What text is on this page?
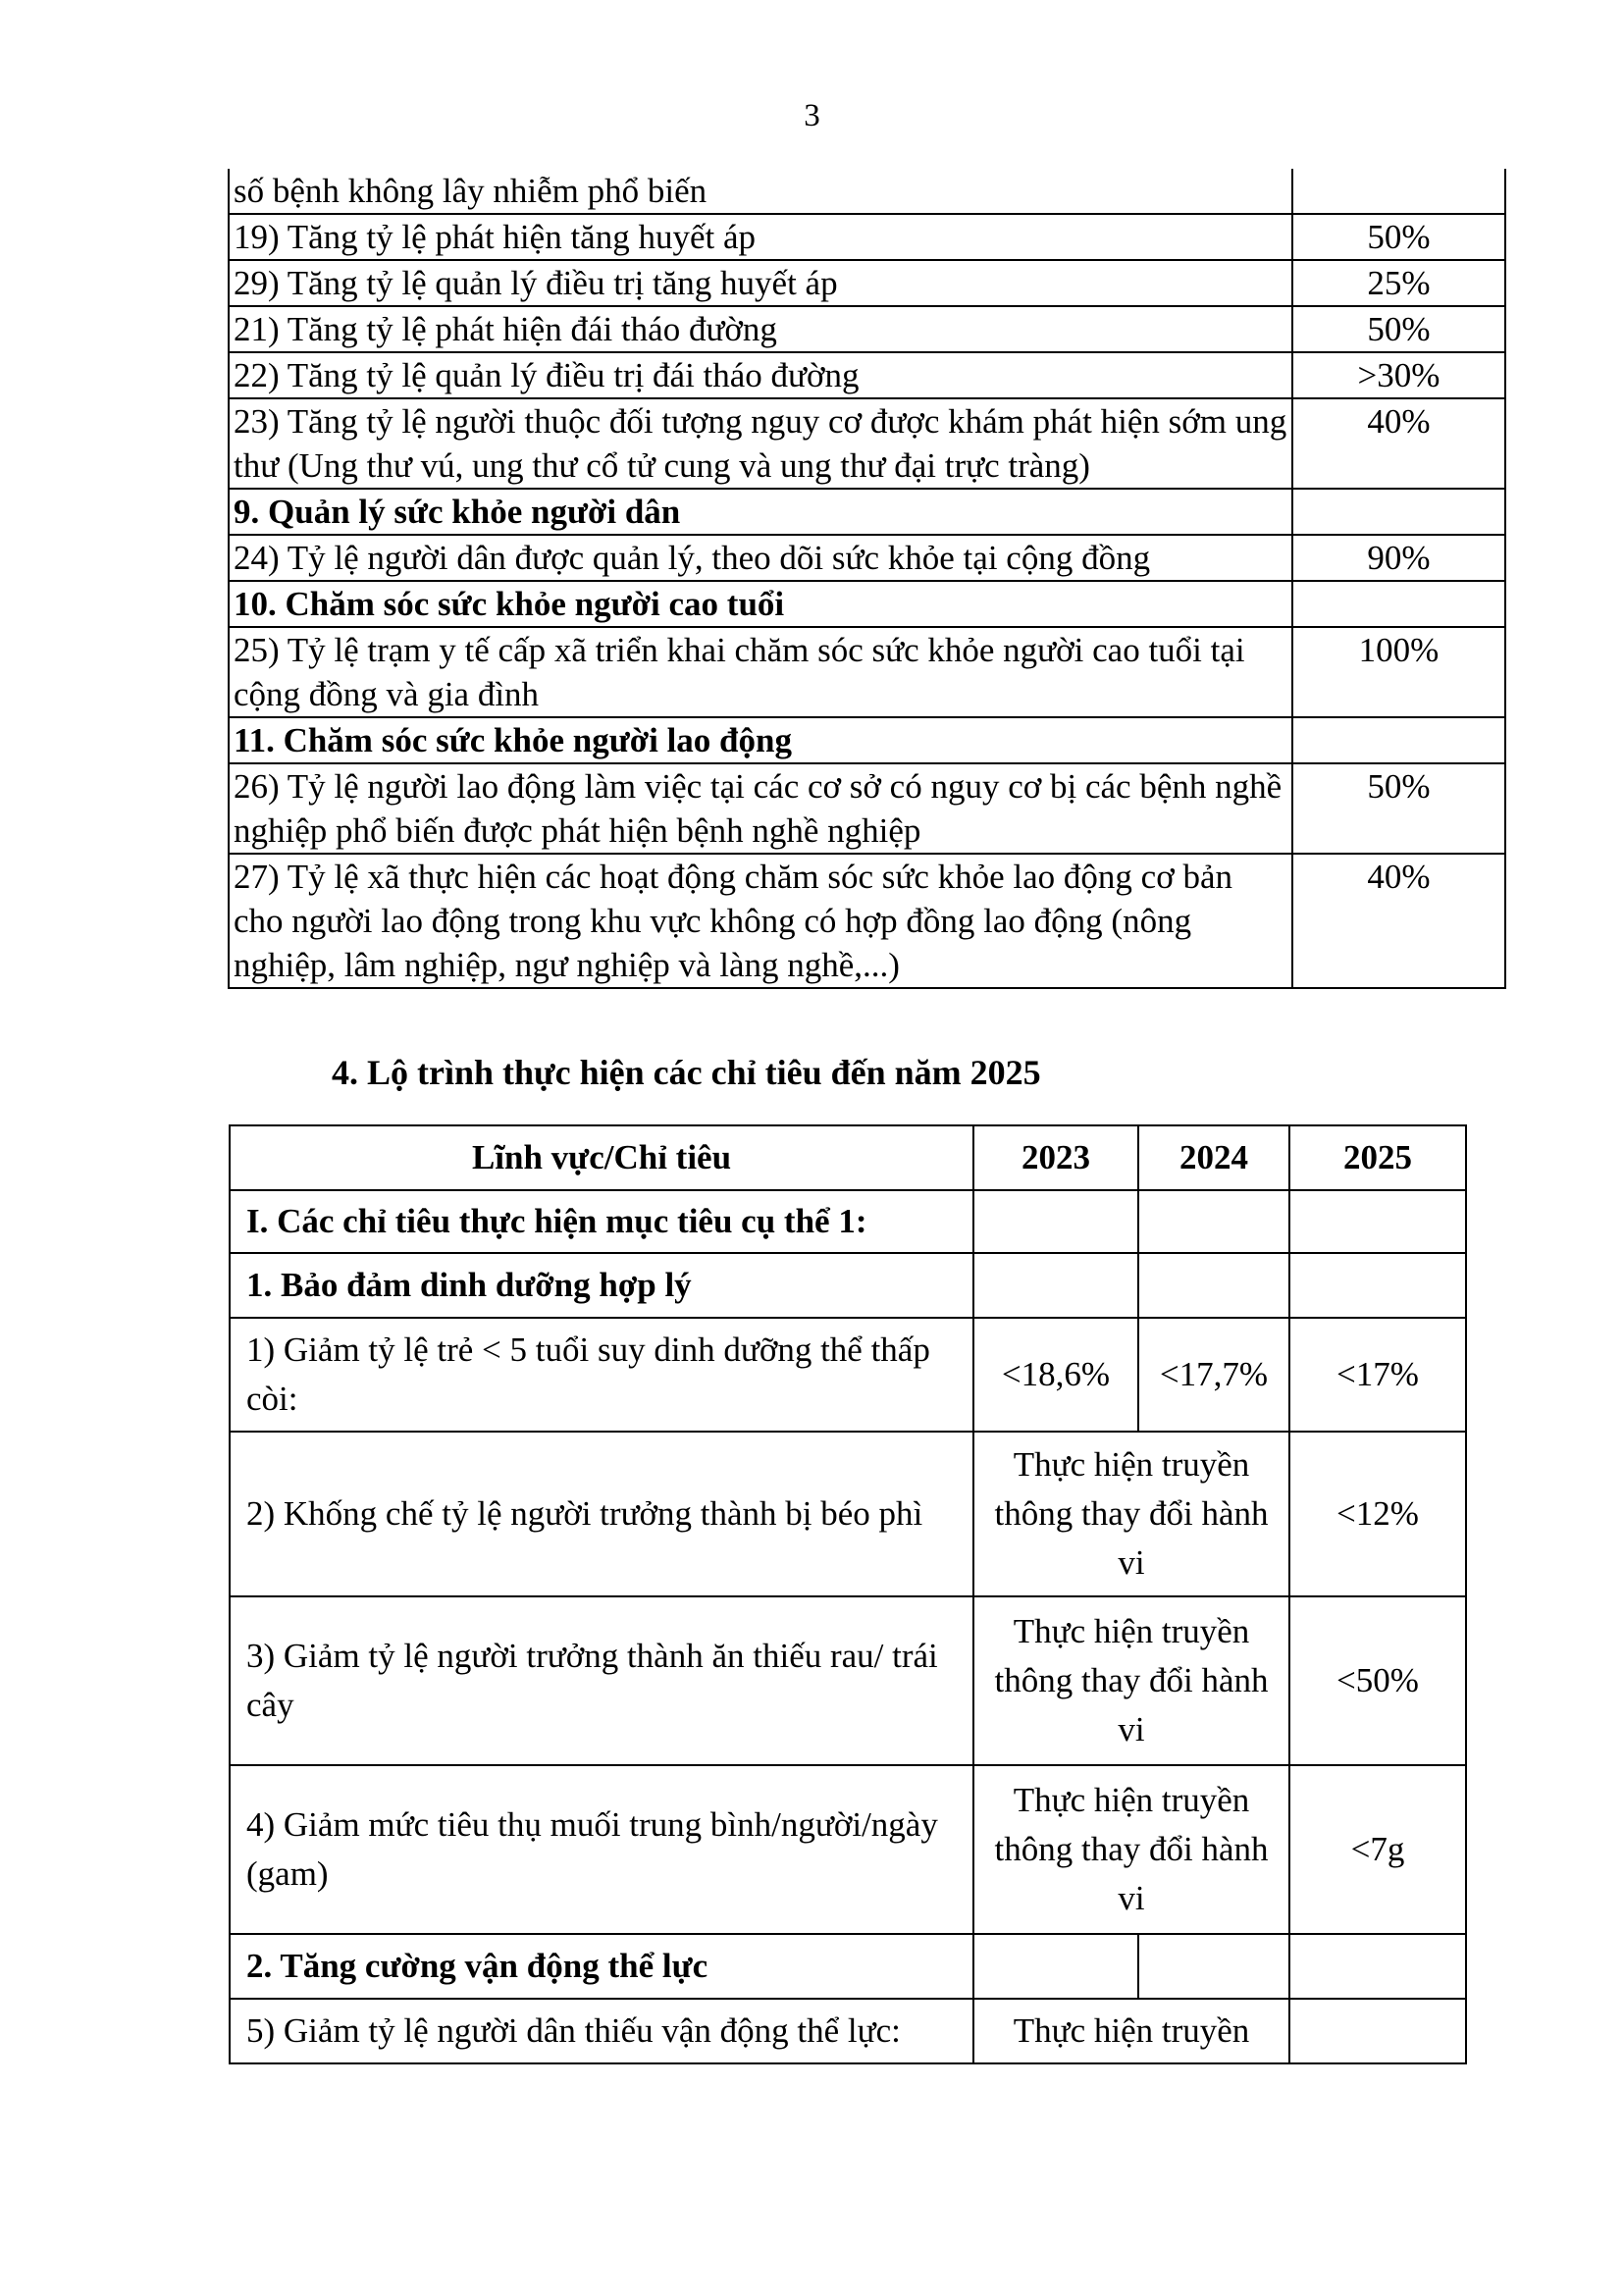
3
số bệnh không lây nhiễm phổ biến	
19) Tăng tỷ lệ phát hiện tăng huyết áp	50%
29) Tăng tỷ lệ quản lý điều trị tăng huyết áp	25%
21) Tăng tỷ lệ phát hiện đái tháo đường	50%
22) Tăng tỷ lệ quản lý điều trị đái tháo đường	>30%
23) Tăng tỷ lệ người thuộc đối tượng nguy cơ được khám phát hiện sớm ung thư (Ung thư vú, ung thư cổ tử cung và ung thư đại trực tràng)	40%
9. Quản lý sức khỏe người dân	
24) Tỷ lệ người dân được quản lý, theo dõi sức khỏe tại cộng đồng	90%
10. Chăm sóc sức khỏe người cao tuổi	
25) Tỷ lệ trạm y tế cấp xã triển khai chăm sóc sức khỏe người cao tuổi tại cộng đồng và gia đình	100%
11. Chăm sóc sức khỏe người lao động	
26) Tỷ lệ người lao động làm việc tại các cơ sở có nguy cơ bị các bệnh nghề nghiệp phổ biến được phát hiện bệnh nghề nghiệp	50%
27) Tỷ lệ xã thực hiện các hoạt động chăm sóc sức khỏe lao động cơ bản cho người lao động trong khu vực không có hợp đồng lao động (nông nghiệp, lâm nghiệp, ngư nghiệp và làng nghề,...)	40%
4. Lộ trình thực hiện các chỉ tiêu đến năm 2025
Lĩnh vực/Chỉ tiêu	2023	2024	2025
I. Các chỉ tiêu thực hiện mục tiêu cụ thể 1:			
1. Bảo đảm dinh dưỡng hợp lý			
1) Giảm tỷ lệ trẻ < 5 tuổi suy dinh dưỡng thể thấp còi:	<18,6%	<17,7%	<17%
2) Khống chế tỷ lệ người trưởng thành bị béo phì	Thực hiện truyền thông thay đổi hành vi		<12%
3) Giảm tỷ lệ người trưởng thành ăn thiếu rau/ trái cây	Thực hiện truyền thông thay đổi hành vi		<50%
4) Giảm mức tiêu thụ muối trung bình/người/ngày (gam)	Thực hiện truyền thông thay đổi hành vi		<7g
2. Tăng cường vận động thể lực			
5) Giảm tỷ lệ người dân thiếu vận động thể lực:	Thực hiện truyền		
